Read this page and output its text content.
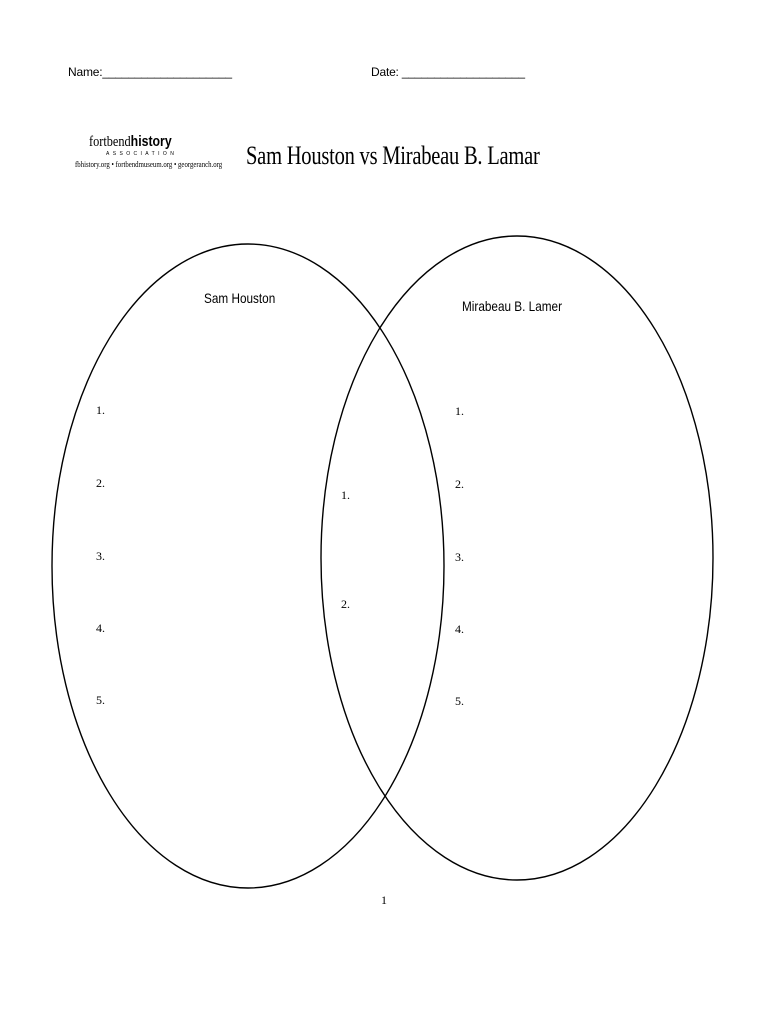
Name:____________________	Date: ___________________
fortbendhistory
ASSOCIATION
fbhistory.org • fortbendmuseum.org • georgeranch.org Sam Houston vs Mirabeau B. Lamar
Sam Houston	Mirabeau B. Lamer
1.
2.
3.
4.
5.
1.
2.
1.
2.
3.
4.
5.
1
